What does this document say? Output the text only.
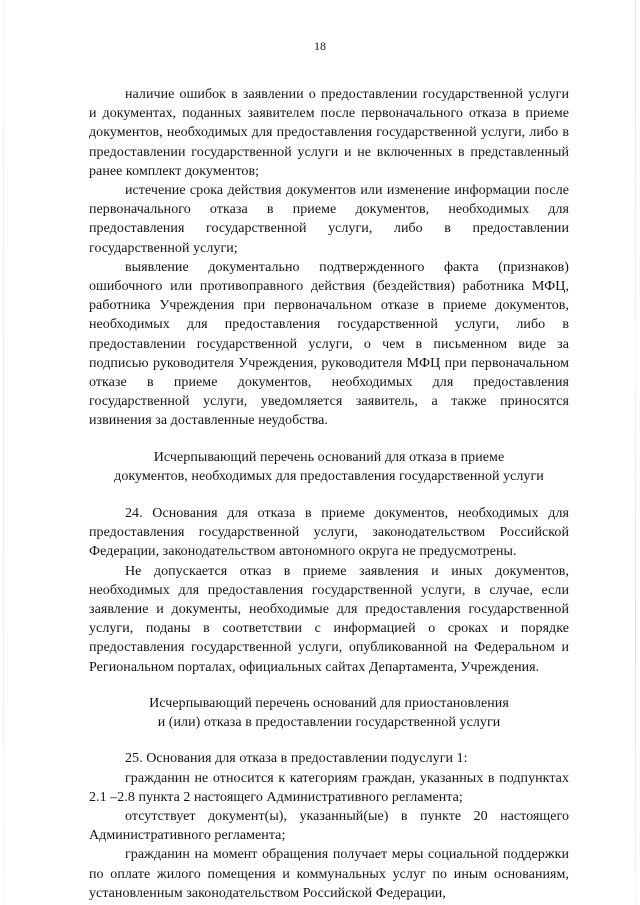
18

наличие ошибок в заявлении о предоставлении государственной услуги и документах, поданных заявителем после первоначального отказа в приеме документов, необходимых для предоставления государственной услуги, либо в предоставлении государственной услуги и не включенных в представленный ранее комплект документов;

истечение срока действия документов или изменение информации после первоначального отказа в приеме документов, необходимых для предоставления государственной услуги, либо в предоставлении государственной услуги;

выявление документально подтвержденного факта (признаков) ошибочного или противоправного действия (бездействия) работника МФЦ, работника Учреждения при первоначальном отказе в приеме документов, необходимых для предоставления государственной услуги, либо в предоставлении государственной услуги, о чем в письменном виде за подписью руководителя Учреждения, руководителя МФЦ при первоначальном отказе в приеме документов, необходимых для предоставления государственной услуги, уведомляется заявитель, а также приносятся извинения за доставленные неудобства.

Исчерпывающий перечень оснований для отказа в приеме
документов, необходимых для предоставления государственной услуги

24. Основания для отказа в приеме документов, необходимых для предоставления государственной услуги, законодательством Российской Федерации, законодательством автономного округа не предусмотрены.

Не допускается отказ в приеме заявления и иных документов, необходимых для предоставления государственной услуги, в случае, если заявление и документы, необходимые для предоставления государственной услуги, поданы в соответствии с информацией о сроках и порядке предоставления государственной услуги, опубликованной на Федеральном и Региональном порталах, официальных сайтах Департамента, Учреждения.

Исчерпывающий перечень оснований для приостановления
и (или) отказа в предоставлении государственной услуги

25. Основания для отказа в предоставлении подуслуги 1:

гражданин не относится к категориям граждан, указанных в подпунктах 2.1 –2.8 пункта 2 настоящего Административного регламента;

отсутствует документ(ы), указанный(ые) в пункте 20 настоящего Административного регламента;

гражданин на момент обращения получает меры социальной поддержки по оплате жилого помещения и коммунальных услуг по иным основаниям, установленным законодательством Российской Федерации,
